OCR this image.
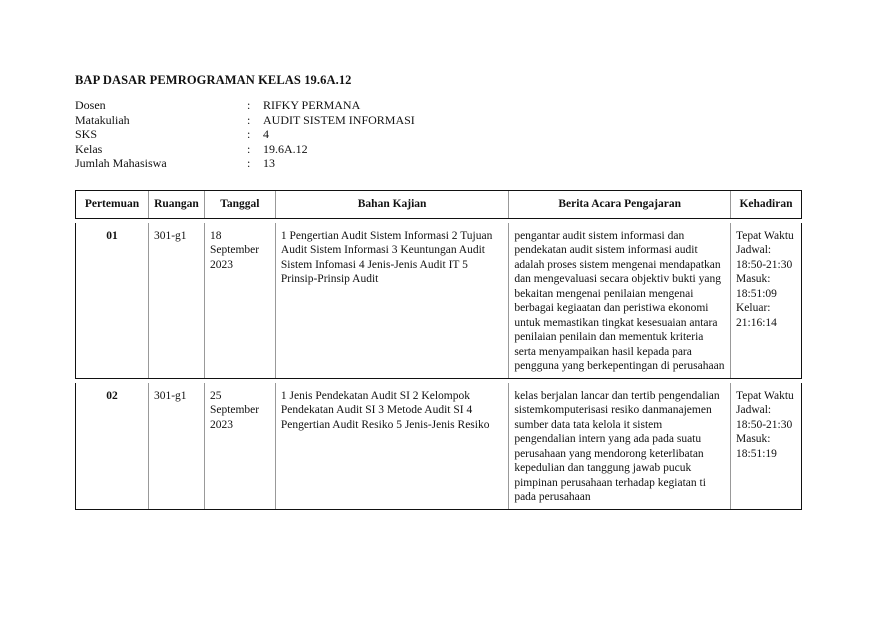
BAP DASAR PEMROGRAMAN KELAS 19.6A.12
Dosen	:	RIFKY PERMANA
Matakuliah	:	AUDIT SISTEM INFORMASI
SKS	:	4
Kelas	:	19.6A.12
Jumlah Mahasiswa	:	13
Pertemuan	Ruangan	Tanggal	Bahan Kajian	Berita Acara Pengajaran	Kehadiran

01	301-g1	18 September 2023	1 Pengertian Audit Sistem Informasi 2 Tujuan Audit Sistem Informasi 3 Keuntungan Audit Sistem Infomasi 4 Jenis-Jenis Audit IT 5 Prinsip-Prinsip Audit	pengantar audit sistem informasi dan pendekatan audit sistem informasi audit adalah proses sistem mengenai mendapatkan dan mengevaluasi secara objektiv bukti yang bekaitan mengenai penilaian mengenai berbagai kegiaatan dan peristiwa ekonomi untuk memastikan tingkat kesesuaian antara penilaian penilain dan mementuk kriteria serta menyampaikan hasil kepada para pengguna yang berkepentingan di perusahaan	Tepat Waktu Jadwal: 18:50-21:30 Masuk: 18:51:09 Keluar: 21:16:14

02	301-g1	25 September 2023	1 Jenis Pendekatan Audit SI 2 Kelompok Pendekatan Audit SI 3 Metode Audit SI 4 Pengertian Audit Resiko 5 Jenis-Jenis Resiko	kelas berjalan lancar dan tertib pengendalian sistemkomputerisasi resiko danmanajemen sumber data tata kelola it sistem pengendalian intern yang ada pada suatu perusahaan yang mendorong keterlibatan kepedulian dan tanggung jawab pucuk pimpinan perusahaan terhadap kegiatan ti pada perusahaan	Tepat Waktu Jadwal: 18:50-21:30 Masuk: 18:51:19
